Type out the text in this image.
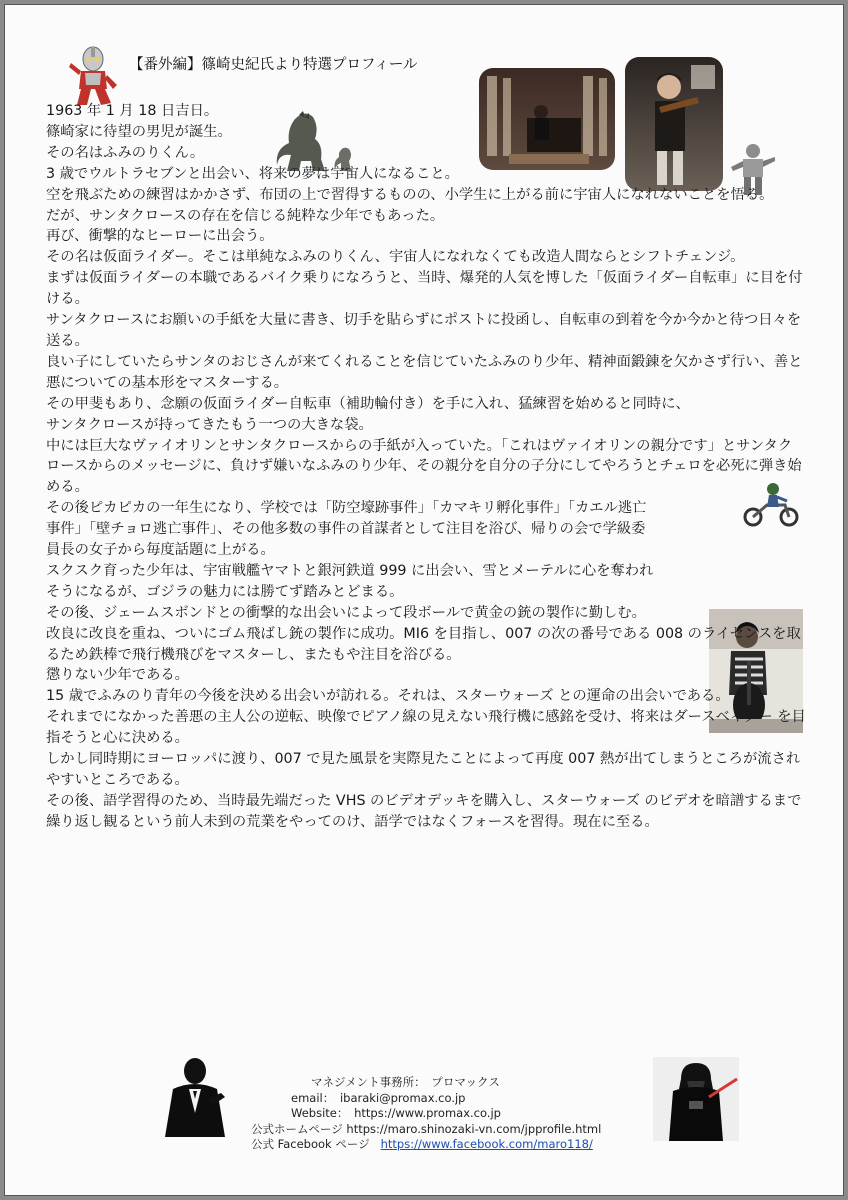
【番外編】篠崎史紀氏より特選プロフィール

1963 年 1 月 18 日吉日。

篠崎家に待望の男児が誕生。

その名はふみのりくん。

3 歳でウルトラセブンと出会い、将来の夢は宇宙人になること。

空を飛ぶための練習はかかさず、布団の上で習得するものの、小学生に上がる前に宇宙人になれないことを悟る。

だが、サンタクロースの存在を信じる純粋な少年でもあった。

再び、衝撃的なヒーローに出会う。

その名は仮面ライダー。そこは単純なふみのりくん、宇宙人になれなくても改造人間ならとシフトチェンジ。

まずは仮面ライダーの本職であるバイク乗りになろうと、当時、爆発的人気を博した「仮面ライダー自転車」に目を付ける。

サンタクロースにお願いの手紙を大量に書き、切手を貼らずにポストに投函し、自転車の到着を今か今かと待つ日々を送る。

良い子にしていたらサンタのおじさんが来てくれることを信じていたふみのり少年、精神面鍛錬を欠かさず行い、善と悪についての基本形をマスターする。

その甲斐もあり、念願の仮面ライダー自転車（補助輪付き）を手に入れ、猛練習を始めると同時に、

サンタクロースが持ってきたもう一つの大きな袋。

中には巨大なヴァイオリンとサンタクロースからの手紙が入っていた。「これはヴァイオリンの親分です」とサンタクロースからのメッセージに、負けず嫌いなふみのり少年、その親分を自分の子分にしてやろうとチェロを必死に弾き始める。

その後ピカピカの一年生になり、学校では「防空壕跡事件」「カマキリ孵化事件」「カエル逃亡

事件」「壁チョロ逃亡事件」、その他多数の事件の首謀者として注目を浴び、帰りの会で学級委

員長の女子から毎度話題に上がる。

スクスク育った少年は、宇宙戦艦ヤマトと銀河鉄道 999 に出会い、雪とメーテルに心を奪われ

そうになるが、ゴジラの魅力には勝てず踏みとどまる。

その後、ジェームスボンドとの衝撃的な出会いによって段ボールで黄金の銃の製作に勤しむ。

改良に改良を重ね、ついにゴム飛ばし銃の製作に成功。MI6 を目指し、007 の次の番号である 008 のライセンスを取るため鉄棒で飛行機飛びをマスターし、またもや注目を浴びる。

懲りない少年である。

15 歳でふみのり青年の今後を決める出会いが訪れる。それは、スターウォーズ との運命の出会いである。

それまでになかった善悪の主人公の逆転、映像でピアノ線の見えない飛行機に感銘を受け、将来はダースベイダー を目指そうと心に決める。

しかし同時期にヨーロッパに渡り、007 で見た風景を実際見たことによって再度 007 熱が出てしまうところが流されやすいところである。

その後、語学習得のため、当時最先端だった VHS のビデオデッキを購入し、スターウォーズ のビデオを暗譜するまで繰り返し観るという前人未到の荒業をやってのけ、語学ではなくフォースを習得。現在に至る。

マネジメント事務所：　プロマックス
email：　ibaraki@promax.co.jp
Website：　https://www.promax.co.jp
公式ホームページ https://maro.shinozaki-vn.com/jpprofile.html
公式 Facebook ページ https://www.facebook.com/maro118/
